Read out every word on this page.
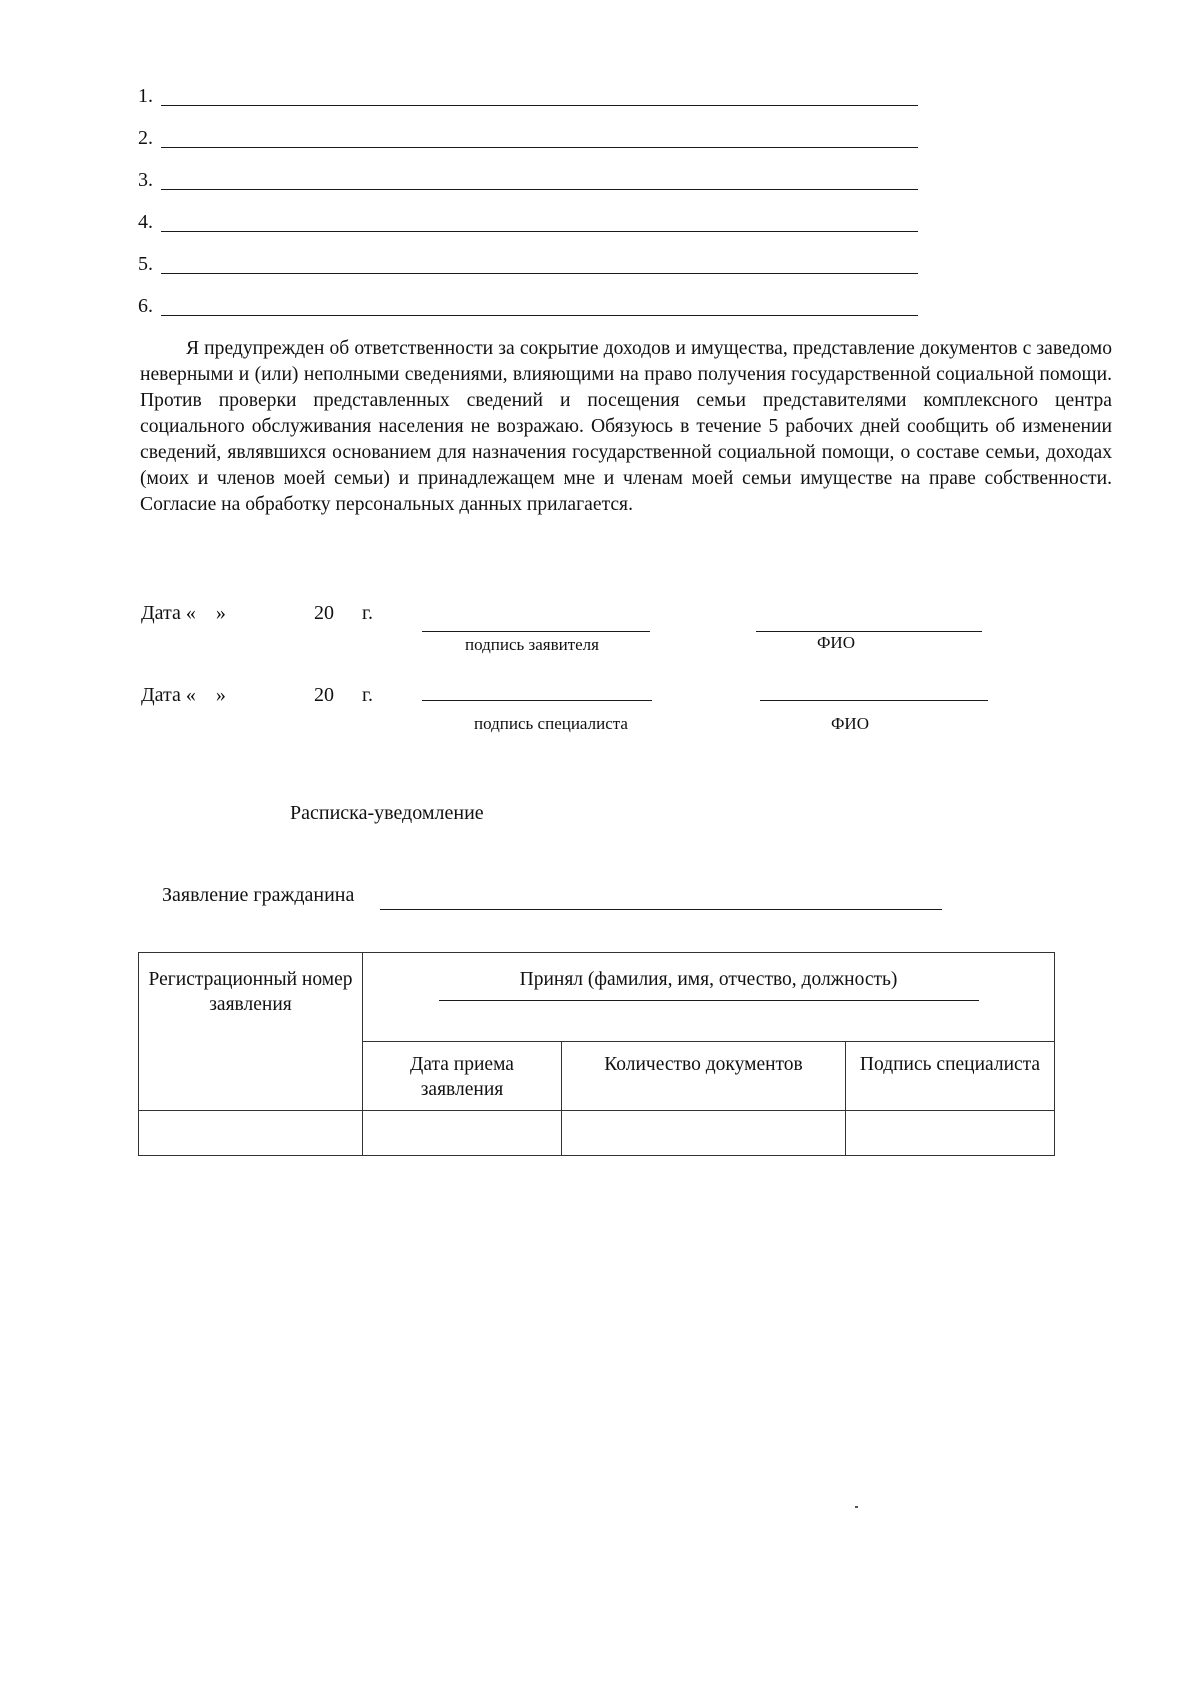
1.
2.
3.
4.
5.
6.

Я предупрежден об ответственности за сокрытие доходов и имущества, представление документов с заведомо неверными и (или) неполными сведениями, влияющими на право получения государственной социальной помощи. Против проверки представленных сведений и посещения семьи представителями комплексного центра социального обслуживания населения не возражаю. Обязуюсь в течение 5 рабочих дней сообщить об изменении сведений, являвшихся основанием для назначения государственной социальной помощи, о составе семьи, доходах (моих и членов моей семьи) и принадлежащем мне и членам моей семьи имуществе на праве собственности. Согласие на обработку персональных данных прилагается.

Дата «    »	20 г.
подпись заявителя	ФИО
Дата «    »	20 г.
подпись специалиста	ФИО
Расписка-уведомление
Заявление гражданина
Регистрационный номер заявления	Принял (фамилия, имя, отчество, должность)		

	Дата приема заявления	Количество документов	Подпись специалиста
